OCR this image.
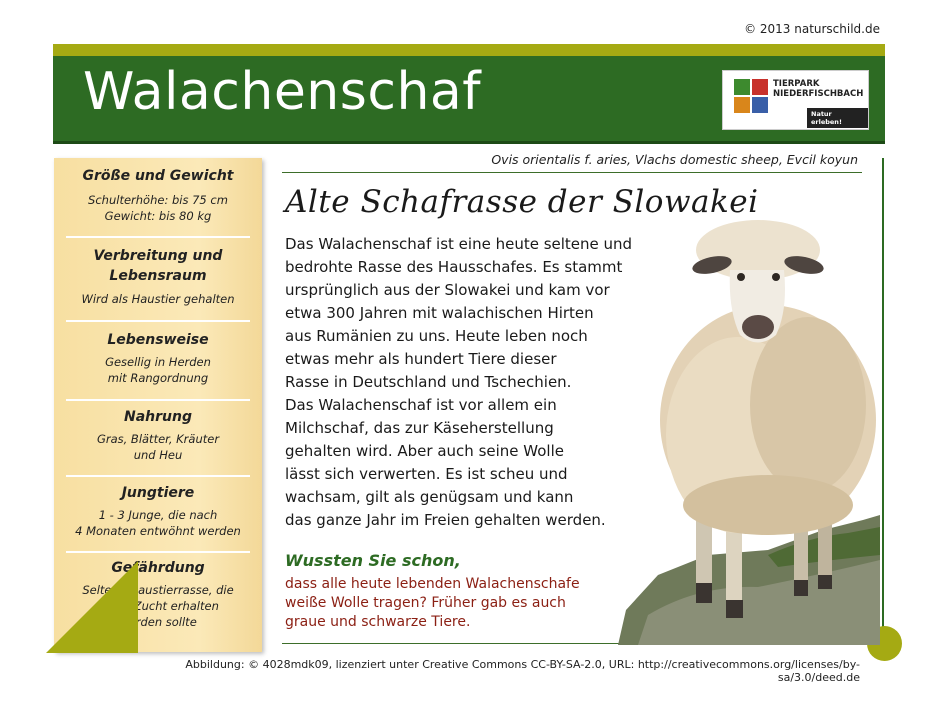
© 2013 naturschild.de
Walachenschaf	TIERPARK
NIEDERFISCHBACH
Natur erleben!
Größe und Gewicht
Schulterhöhe: bis 75 cm
Gewicht: bis 80 kg
Verbreitung und
Lebensraum
Wird als Haustier gehalten
Lebensweise
Gesellig in Herden
mit Rangordnung
Nahrung
Gras, Blätter, Kräuter
und Heu
Jungtiere
1 - 3 Junge, die nach
4 Monaten entwöhnt werden
Gefährdung
Seltene Haustierrasse, die
durch Zucht erhalten
werden sollte
Ovis orientalis f. aries, Vlachs domestic sheep, Evcil koyun
Alte Schafrasse der Slowakei
Das Walachenschaf ist eine heute seltene und
bedrohte Rasse des Hausschafes. Es stammt
ursprünglich aus der Slowakei und kam vor
etwa 300 Jahren mit walachischen Hirten
aus Rumänien zu uns. Heute leben noch
etwas mehr als hundert Tiere dieser
Rasse in Deutschland und Tschechien.
Das Walachenschaf ist vor allem ein
Milchschaf, das zur Käseherstellung
gehalten wird. Aber auch seine Wolle
lässt sich verwerten. Es ist scheu und
wachsam, gilt als genügsam und kann
das ganze Jahr im Freien gehalten werden.
Wussten Sie schon,
dass alle heute lebenden Walachenschafe
weiße Wolle tragen? Früher gab es auch
graue und schwarze Tiere.
Abbildung: © 4028mdk09, lizenziert unter Creative Commons CC-BY-SA-2.0, URL: http://creativecommons.org/licenses/by-sa/3.0/deed.de
